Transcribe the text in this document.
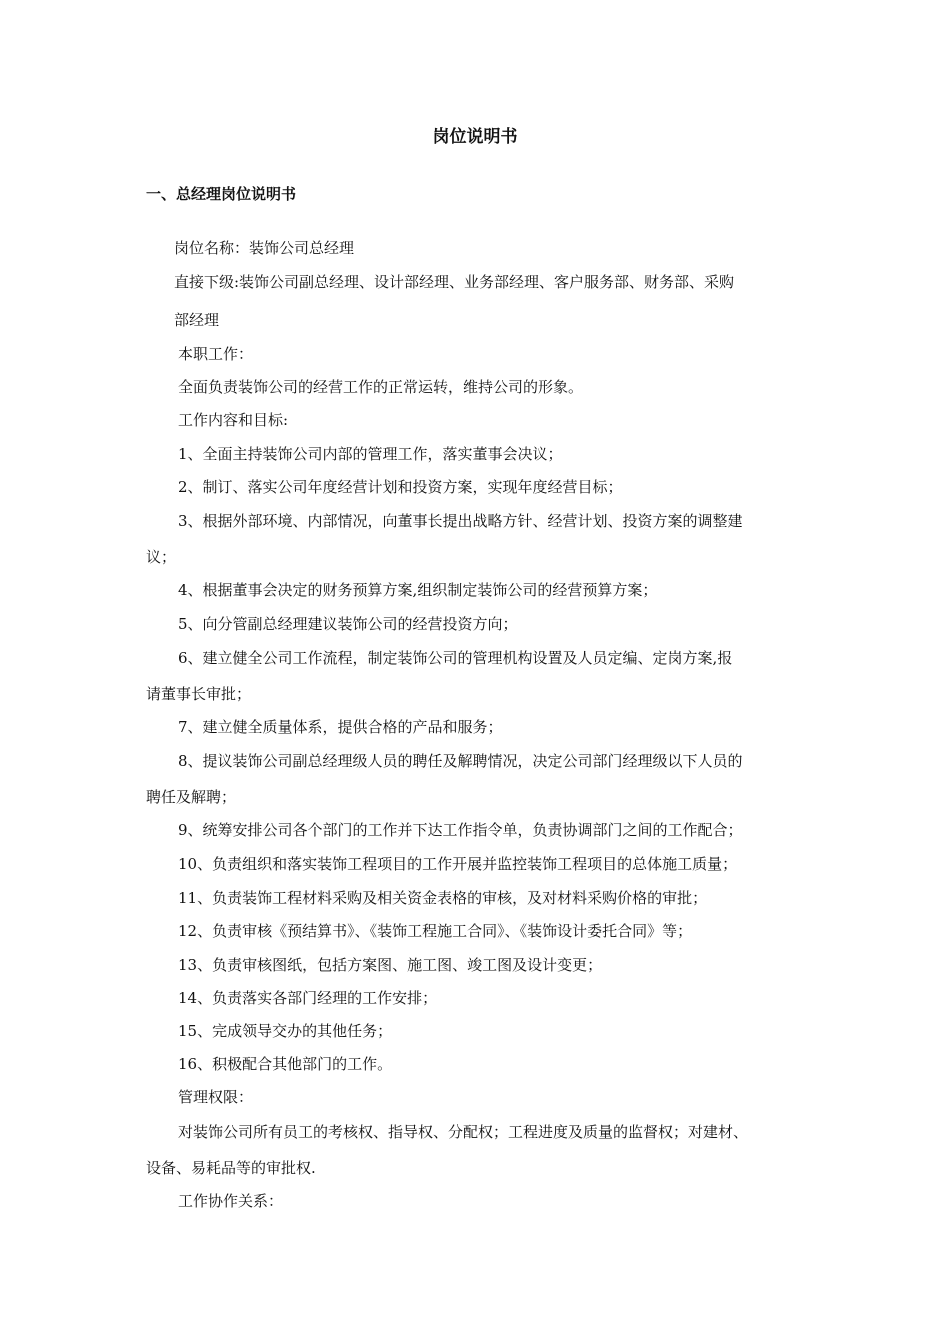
岗位说明书
一、总经理岗位说明书
岗位名称：装饰公司总经理
直接下级:装饰公司副总经理、设计部经理、业务部经理、客户服务部、财务部、采购
部经理
本职工作：
全面负责装饰公司的经营工作的正常运转，维持公司的形象。
工作内容和目标:
1、全面主持装饰公司内部的管理工作，落实董事会决议；
2、制订、落实公司年度经营计划和投资方案，实现年度经营目标；
3、根据外部环境、内部情况，向董事长提出战略方针、经营计划、投资方案的调整建
议；
4、根据董事会决定的财务预算方案,组织制定装饰公司的经营预算方案；
5、向分管副总经理建议装饰公司的经营投资方向；
6、建立健全公司工作流程，制定装饰公司的管理机构设置及人员定编、定岗方案,报
请董事长审批；
7、建立健全质量体系，提供合格的产品和服务；
8、提议装饰公司副总经理级人员的聘任及解聘情况，决定公司部门经理级以下人员的
聘任及解聘；
9、统筹安排公司各个部门的工作并下达工作指令单，负责协调部门之间的工作配合；
10、负责组织和落实装饰工程项目的工作开展并监控装饰工程项目的总体施工质量；
11、负责装饰工程材料采购及相关资金表格的审核，及对材料采购价格的审批；
12、负责审核《预结算书》、《装饰工程施工合同》、《装饰设计委托合同》等；
13、负责审核图纸，包括方案图、施工图、竣工图及设计变更；
14、负责落实各部门经理的工作安排；
15、完成领导交办的其他任务；
16、积极配合其他部门的工作。
管理权限：
对装饰公司所有员工的考核权、指导权、分配权；工程进度及质量的监督权；对建材、
设备、易耗品等的审批权.
工作协作关系：
